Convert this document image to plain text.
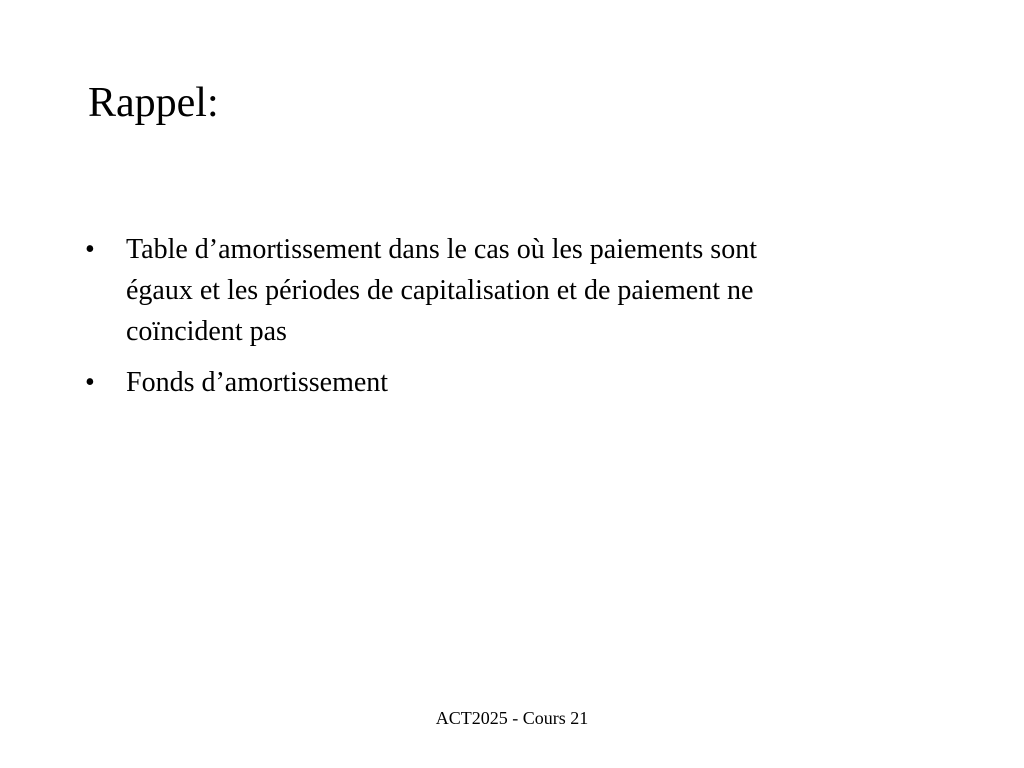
Rappel:
•	Table d’amortissement dans le cas où les paiements sont
égaux et les périodes de capitalisation et de paiement ne
coïncident pas
•	Fonds d’amortissement
ACT2025 - Cours 21
